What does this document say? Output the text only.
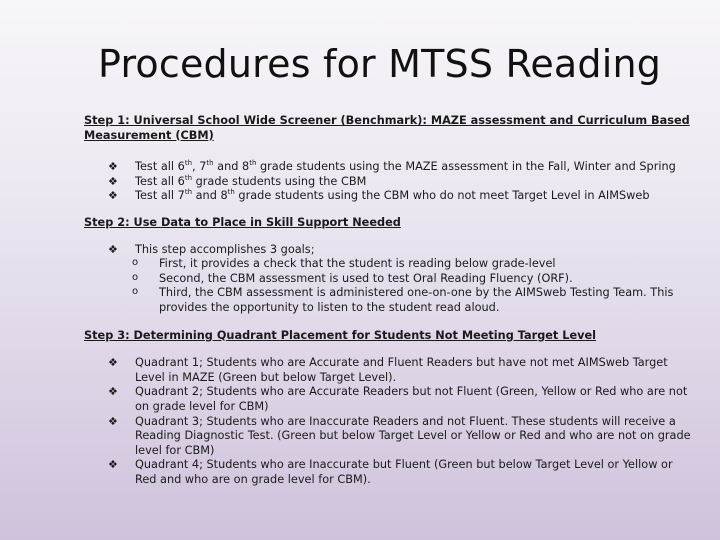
Procedures for MTSS Reading
Step 1: Universal School Wide Screener (Benchmark): MAZE assessment and Curriculum Based Measurement (CBM)
❖ Test all 6th, 7th and 8th grade students using the MAZE assessment in the Fall, Winter and Spring
❖ Test all 6th grade students using the CBM
❖ Test all 7th and 8th grade students using the CBM who do not meet Target Level in AIMSweb
Step 2: Use Data to Place in Skill Support Needed
❖ This step accomplishes 3 goals;
o First, it provides a check that the student is reading below grade-level
o Second, the CBM assessment is used to test Oral Reading Fluency (ORF).
o Third, the CBM assessment is administered one-on-one by the AIMSweb Testing Team. This provides the opportunity to listen to the student read aloud.
Step 3: Determining Quadrant Placement for Students Not Meeting Target Level
❖ Quadrant 1; Students who are Accurate and Fluent Readers but have not met AIMSweb Target Level in MAZE (Green but below Target Level).
❖ Quadrant 2; Students who are Accurate Readers but not Fluent (Green, Yellow or Red who are not on grade level for CBM)
❖ Quadrant 3; Students who are Inaccurate Readers and not Fluent. These students will receive a Reading Diagnostic Test. (Green but below Target Level or Yellow or Red and who are not on grade level for CBM)
❖ Quadrant 4; Students who are Inaccurate but Fluent (Green but below Target Level or Yellow or Red and who are on grade level for CBM).
